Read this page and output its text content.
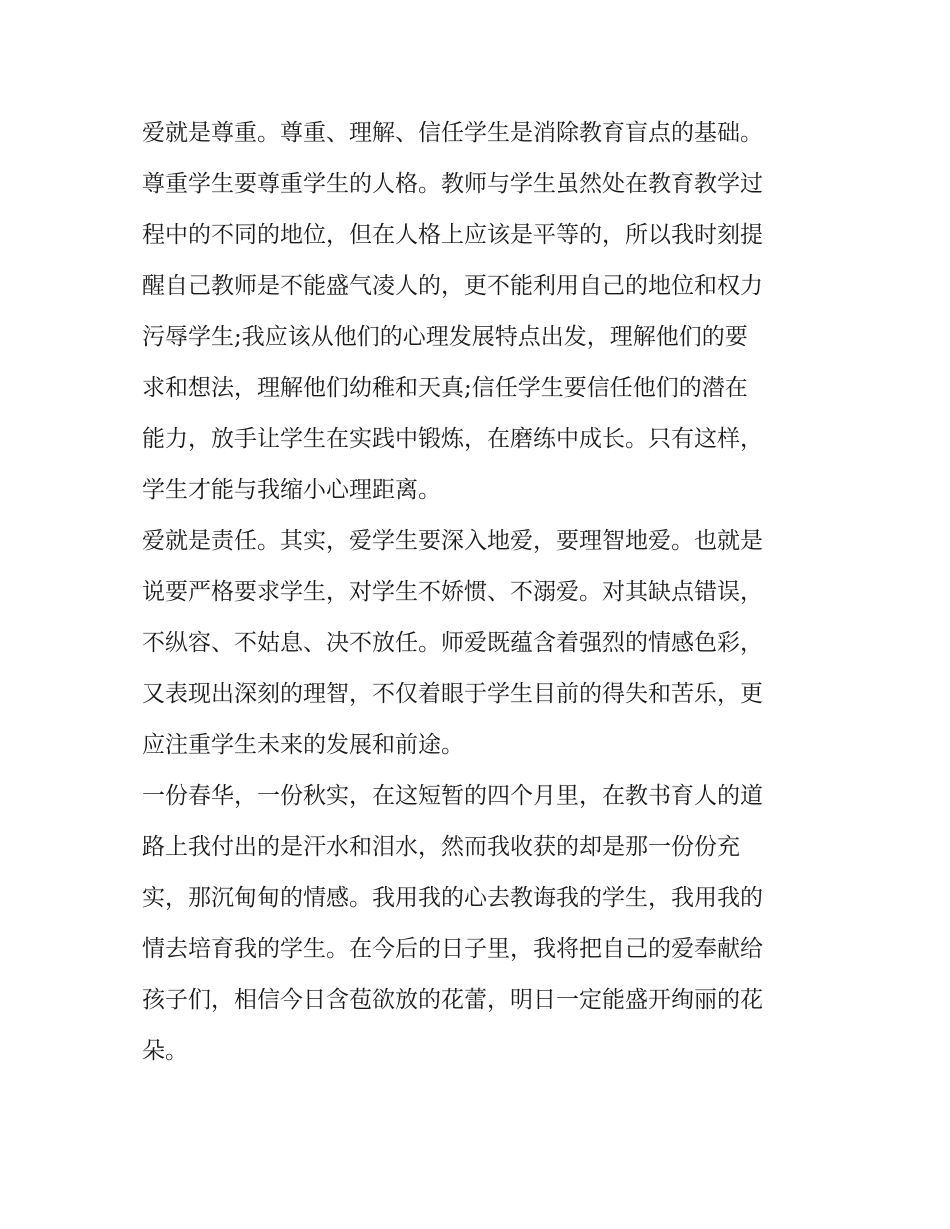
爱就是尊重。尊重、理解、信任学生是消除教育盲点的基础。
尊重学生要尊重学生的人格。教师与学生虽然处在教育教学过
程中的不同的地位，但在人格上应该是平等的，所以我时刻提
醒自己教师是不能盛气凌人的，更不能利用自己的地位和权力
污辱学生;我应该从他们的心理发展特点出发，理解他们的要
求和想法，理解他们幼稚和天真;信任学生要信任他们的潜在
能力，放手让学生在实践中锻炼，在磨练中成长。只有这样，
学生才能与我缩小心理距离。
爱就是责任。其实，爱学生要深入地爱，要理智地爱。也就是
说要严格要求学生，对学生不娇惯、不溺爱。对其缺点错误，
不纵容、不姑息、决不放任。师爱既蕴含着强烈的情感色彩，
又表现出深刻的理智，不仅着眼于学生目前的得失和苦乐，更
应注重学生未来的发展和前途。
一份春华，一份秋实，在这短暂的四个月里，在教书育人的道
路上我付出的是汗水和泪水，然而我收获的却是那一份份充
实，那沉甸甸的情感。我用我的心去教诲我的学生，我用我的
情去培育我的学生。在今后的日子里，我将把自己的爱奉献给
孩子们，相信今日含苞欲放的花蕾，明日一定能盛开绚丽的花
朵。
